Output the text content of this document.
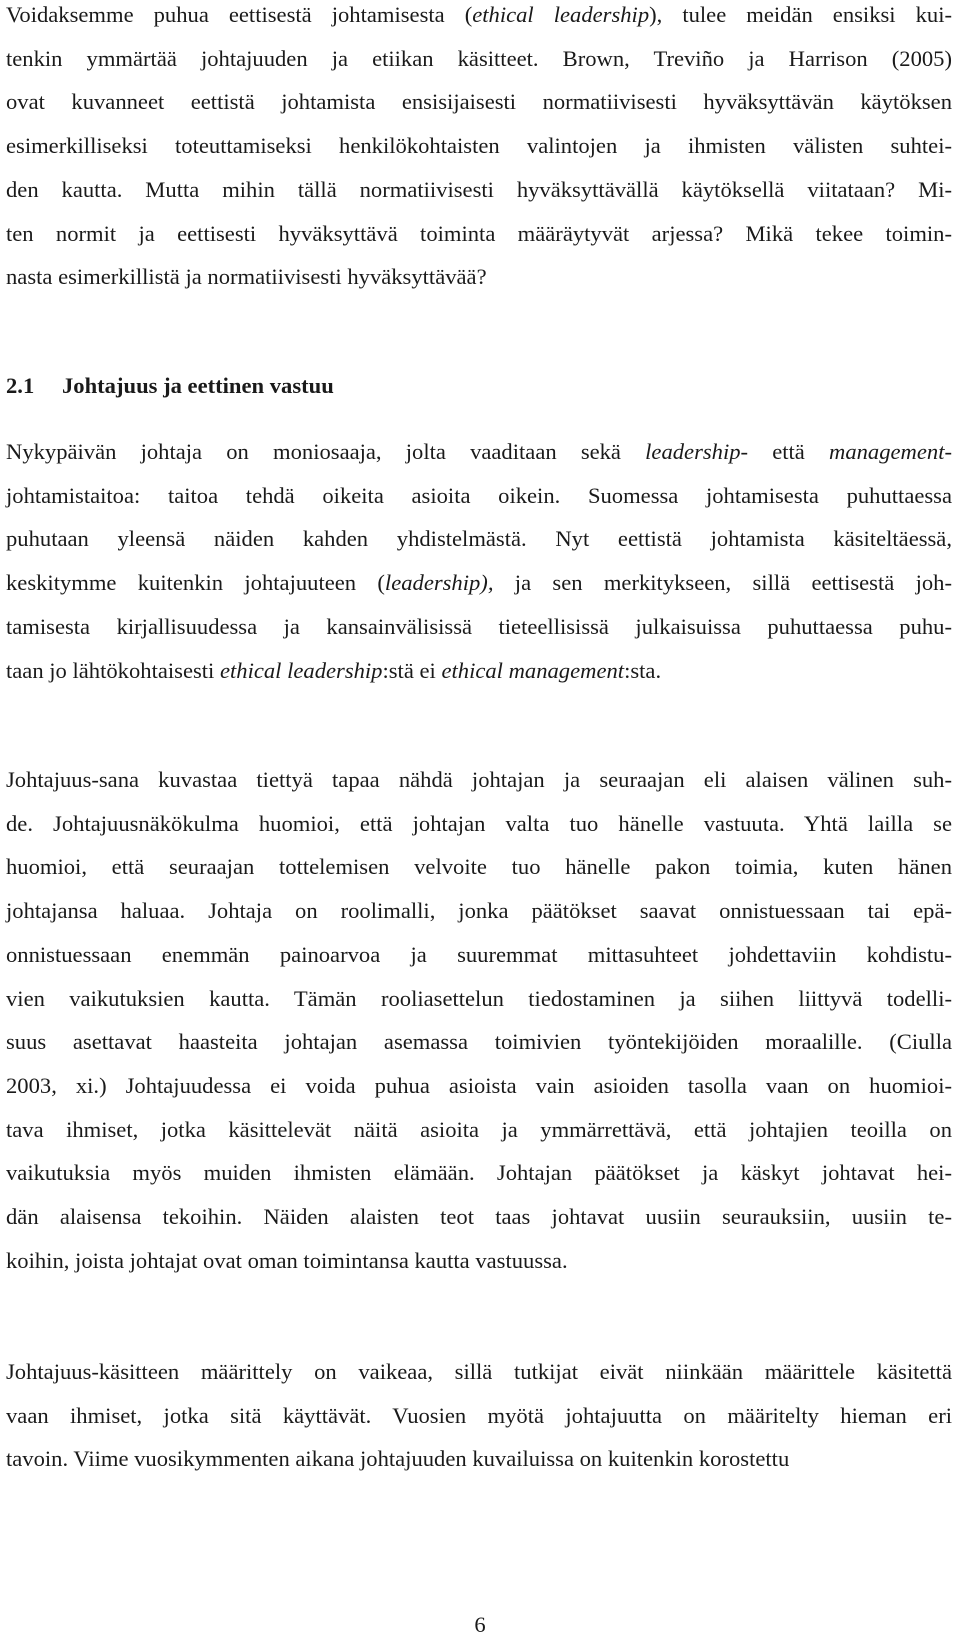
Voidaksemme puhua eettisestä johtamisesta (ethical leadership), tulee meidän ensiksi kui-
tenkin ymmärtää johtajuuden ja etiikan käsitteet. Brown, Treviño ja Harrison (2005)
ovat kuvanneet eettistä johtamista ensisijaisesti normatiivisesti hyväksyttävän käytöksen
esimerkilliseksi toteuttamiseksi henkilökohtaisten valintojen ja ihmisten välisten suhtei-
den kautta. Mutta mihin tällä normatiivisesti hyväksyttävällä käytöksellä viitataan? Mi-
ten normit ja eettisesti hyväksyttävä toiminta määräytyvät arjessa? Mikä tekee toimin-
nasta esimerkillistä ja normatiivisesti hyväksyttävää?
2.1 Johtajuus ja eettinen vastuu
Nykypäivän johtaja on moniosaaja, jolta vaaditaan sekä leadership- että management-
johtamistaitoa: taitoa tehdä oikeita asioita oikein. Suomessa johtamisesta puhuttaessa
puhutaan yleensä näiden kahden yhdistelmästä. Nyt eettistä johtamista käsiteltäessä,
keskitymme kuitenkin johtajuuteen (leadership), ja sen merkitykseen, sillä eettisestä joh-
tamisesta kirjallisuudessa ja kansainvälisissä tieteellisissä julkaisuissa puhuttaessa puhu-
taan jo lähtökohtaisesti ethical leadership:stä ei ethical management:sta.
Johtajuus-sana kuvastaa tiettyä tapaa nähdä johtajan ja seuraajan eli alaisen välinen suh-
de. Johtajuusnäkökulma huomioi, että johtajan valta tuo hänelle vastuuta. Yhtä lailla se
huomioi, että seuraajan tottelemisen velvoite tuo hänelle pakon toimia, kuten hänen
johtajansa haluaa. Johtaja on roolimalli, jonka päätökset saavat onnistuessaan tai epä-
onnistuessaan enemmän painoarvoa ja suuremmat mittasuhteet johdettaviin kohdistu-
vien vaikutuksien kautta. Tämän rooliasettelun tiedostaminen ja siihen liittyvä todelli-
suus asettavat haasteita johtajan asemassa toimivien työntekijöiden moraalille. (Ciulla
2003, xi.) Johtajuudessa ei voida puhua asioista vain asioiden tasolla vaan on huomioi-
tava ihmiset, jotka käsittelevät näitä asioita ja ymmärrettävä, että johtajien teoilla on
vaikutuksia myös muiden ihmisten elämään. Johtajan päätökset ja käskyt johtavat hei-
dän alaisensa tekoihin. Näiden alaisten teot taas johtavat uusiin seurauksiin, uusiin te-
koihin, joista johtajat ovat oman toimintansa kautta vastuussa.
Johtajuus-käsitteen määrittely on vaikeaa, sillä tutkijat eivät niinkään määrittele käsitettä
vaan ihmiset, jotka sitä käyttävät. Vuosien myötä johtajuutta on määritelty hieman eri
tavoin. Viime vuosikymmenten aikana johtajuuden kuvailuissa on kuitenkin korostettu

6
